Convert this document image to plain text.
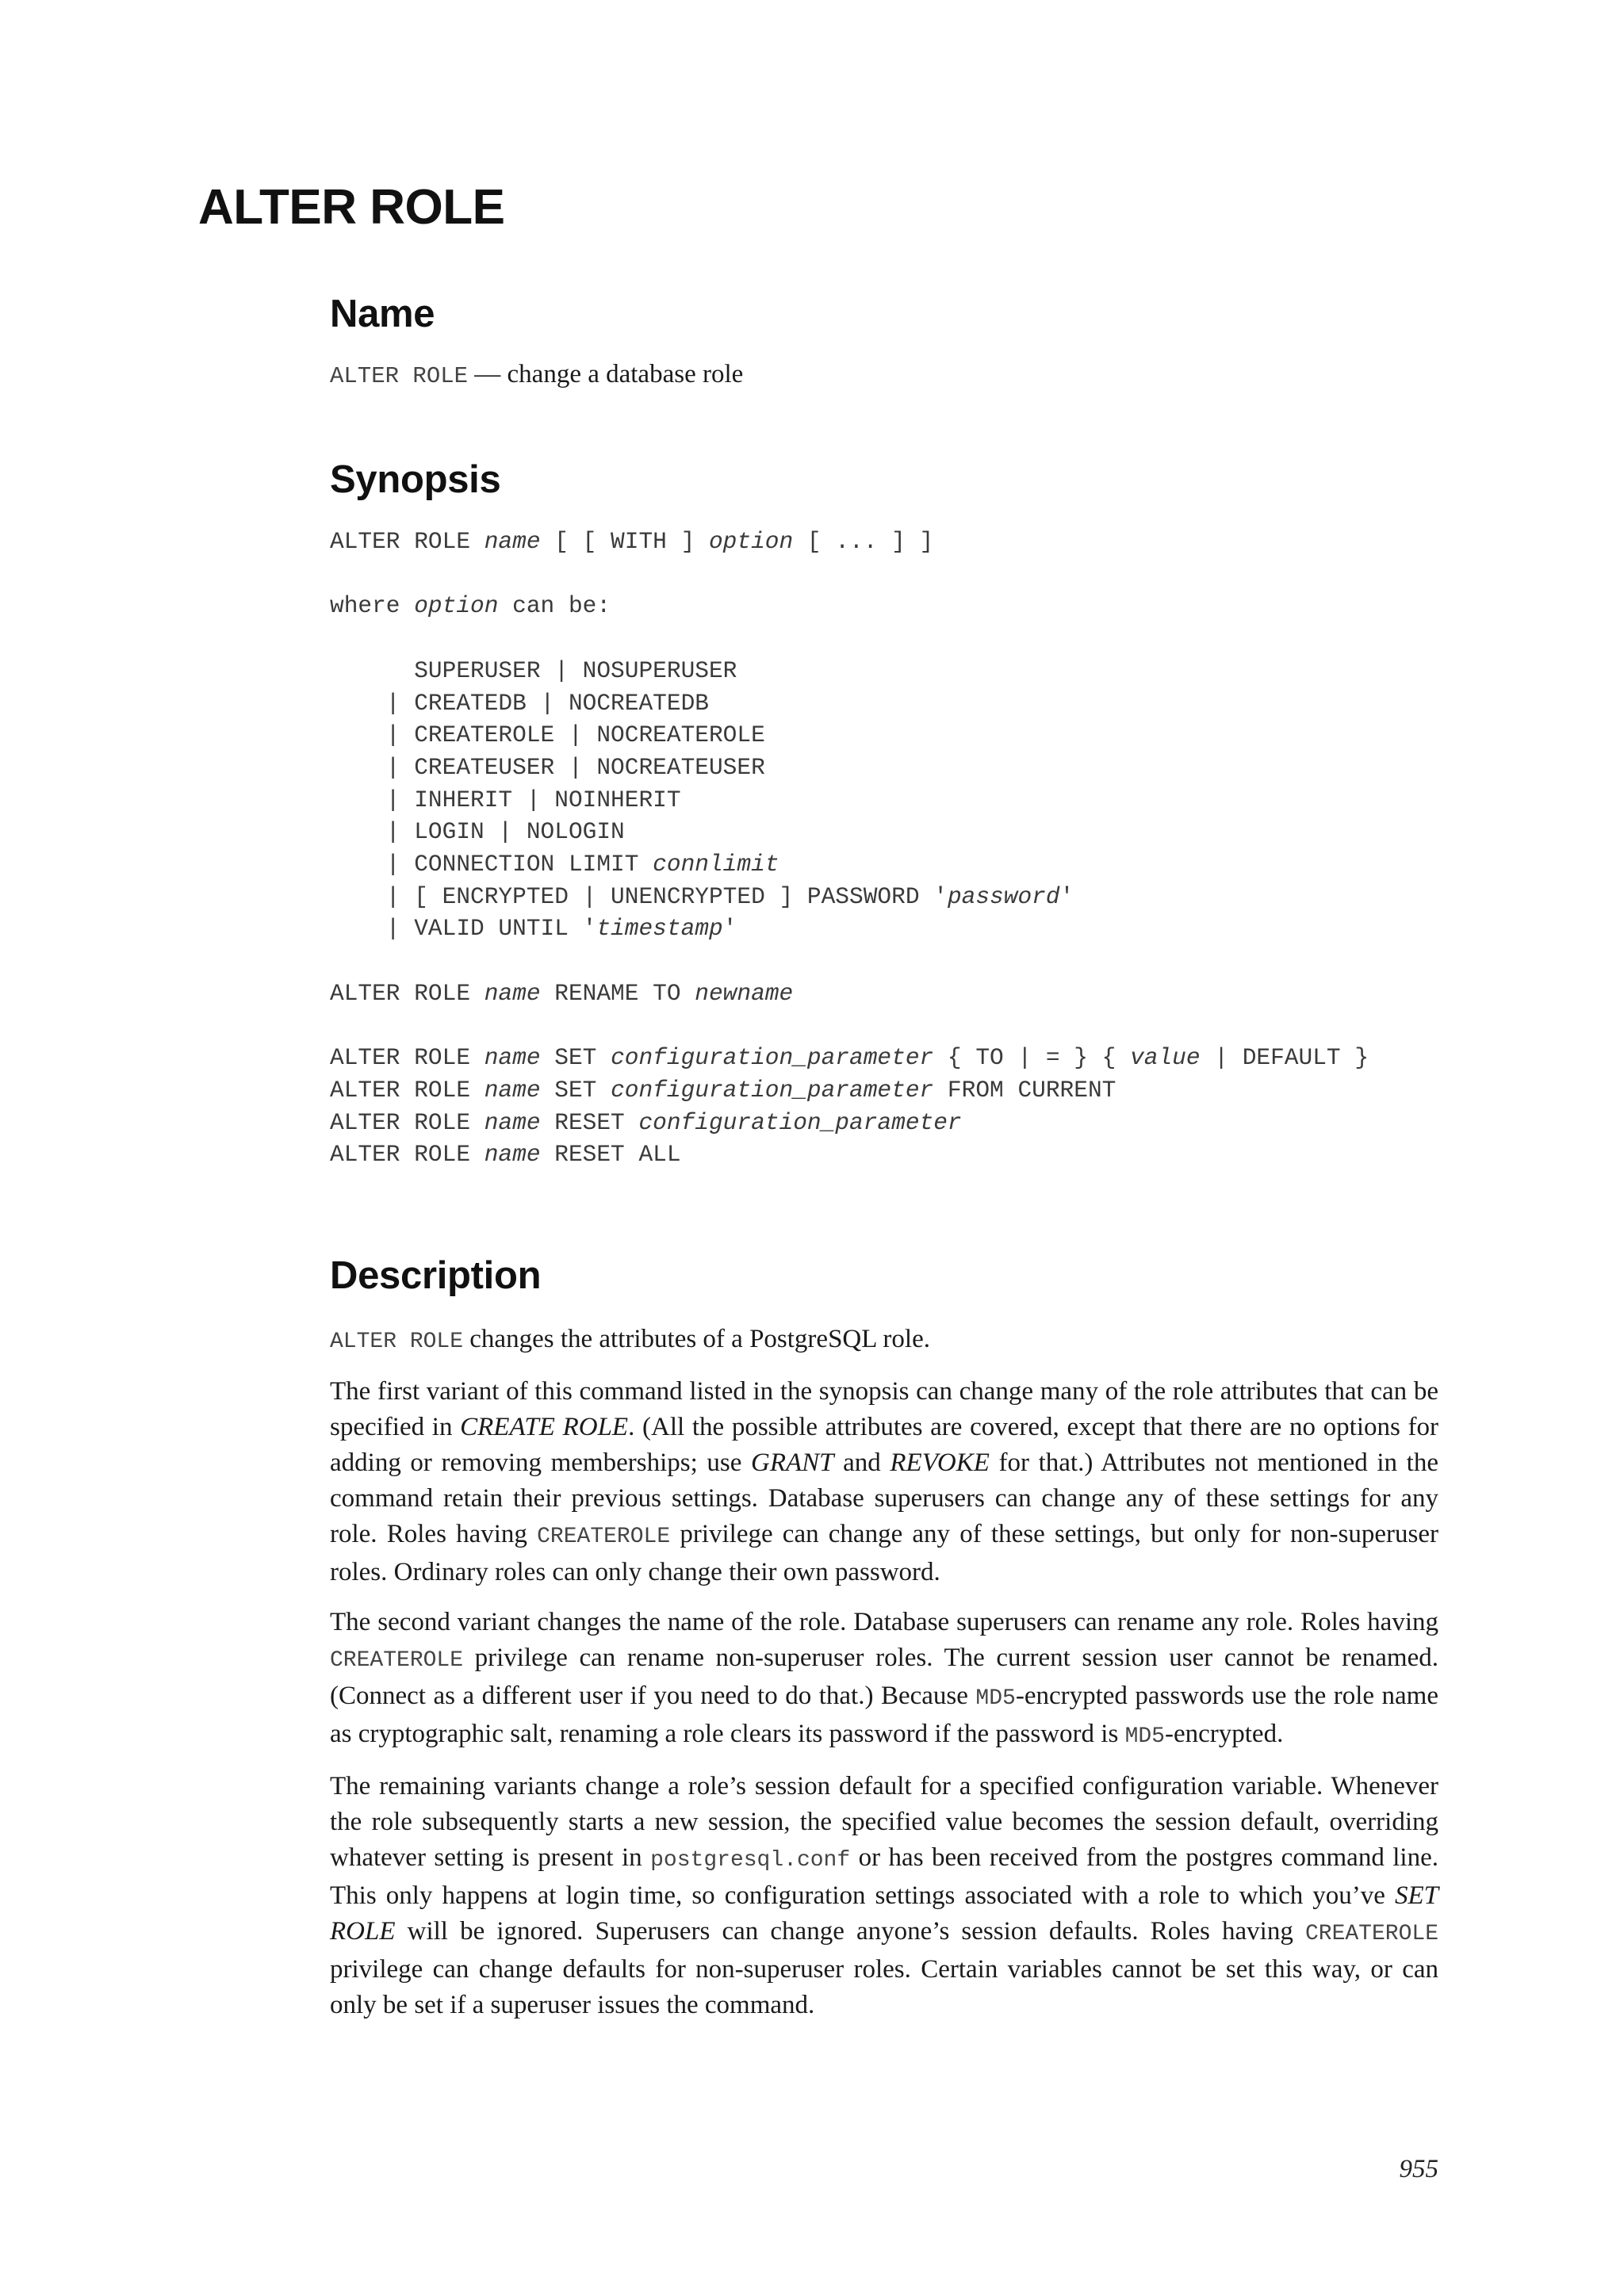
ALTER ROLE
Name

ALTER ROLE — change a database role

Synopsis
ALTER ROLE name [ [ WITH ] option [ ... ] ]

where option can be:

SUPERUSER | NOSUPERUSER
| CREATEDB | NOCREATEDB
| CREATEROLE | NOCREATEROLE
| CREATEUSER | NOCREATEUSER
| INHERIT | NOINHERIT
| LOGIN | NOLOGIN
| CONNECTION LIMIT connlimit
| [ ENCRYPTED | UNENCRYPTED ] PASSWORD 'password'
| VALID UNTIL 'timestamp'

ALTER ROLE name RENAME TO newname

ALTER ROLE name SET configuration_parameter { TO | = } { value | DEFAULT }
ALTER ROLE name SET configuration_parameter FROM CURRENT
ALTER ROLE name RESET configuration_parameter
ALTER ROLE name RESET ALL
Description

ALTER ROLE changes the attributes of a PostgreSQL role.

The first variant of this command listed in the synopsis can change many of the role attributes that can be specified in CREATE ROLE. (All the possible attributes are covered, except that there are no options for adding or removing memberships; use GRANT and REVOKE for that.) Attributes not mentioned in the command retain their previous settings. Database superusers can change any of these settings for any role. Roles having CREATEROLE privilege can change any of these settings, but only for non-superuser roles. Ordinary roles can only change their own password.

The second variant changes the name of the role. Database superusers can rename any role. Roles having CREATEROLE privilege can rename non-superuser roles. The current session user cannot be renamed. (Connect as a different user if you need to do that.) Because MD5-encrypted passwords use the role name as cryptographic salt, renaming a role clears its password if the password is MD5-encrypted.

The remaining variants change a role’s session default for a specified configuration variable. Whenever the role subsequently starts a new session, the specified value becomes the session default, overriding whatever setting is present in postgresql.conf or has been received from the postgres command line. This only happens at login time, so configuration settings associated with a role to which you’ve SET ROLE will be ignored. Superusers can change anyone’s session defaults. Roles having CREATEROLE privilege can change defaults for non-superuser roles. Certain variables cannot be set this way, or can only be set if a superuser issues the command.

955
